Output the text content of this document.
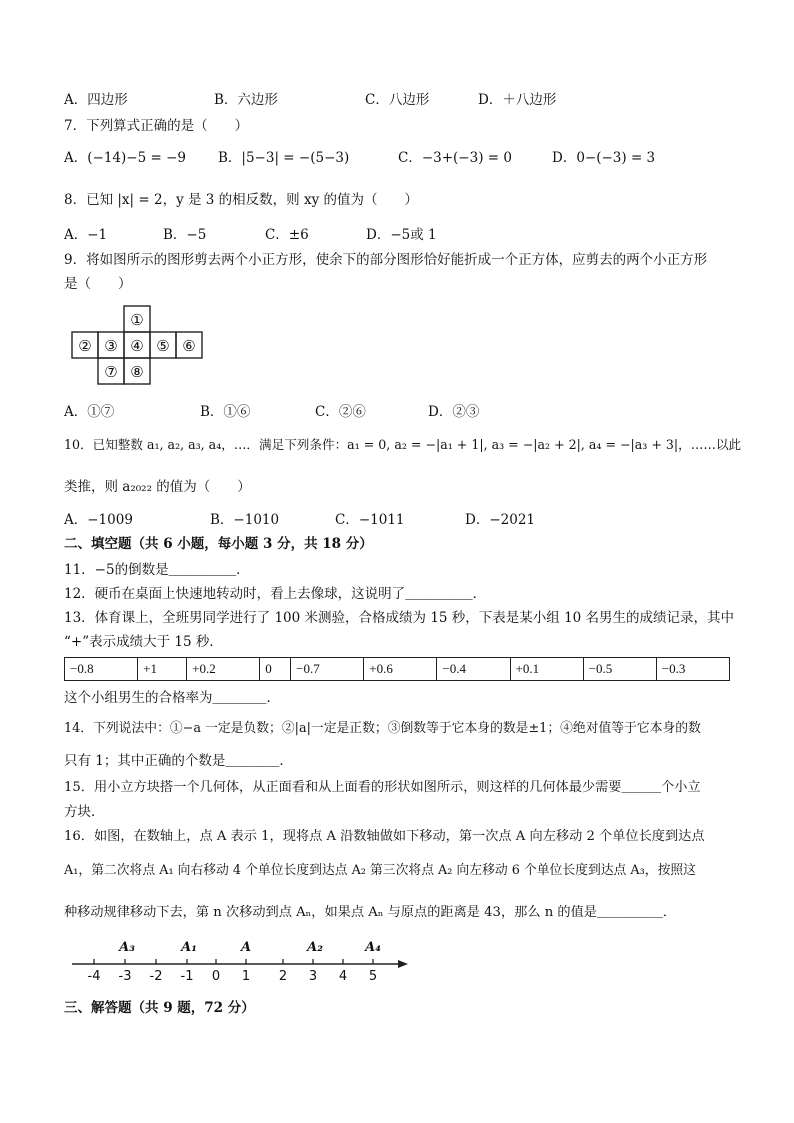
A．四边形	B．六边形	C．八边形	D．＋八边形
7．下列算式正确的是（　　）
A．(−14)−5 = −9 B．|5−3| = −(5−3)	C．−3+(−3) = 0	D．0−(−3) = 3
8．已知 |x| = 2，y 是 3 的相反数，则 xy 的值为（　　）
A．−1	B．−5	C．±6	D．−5或 1
9．将如图所示的图形剪去两个小正方形，使余下的部分图形恰好能折成一个正方体，应剪去的两个小正方形
是（　　）
①
② ③ ④ ⑤ ⑥
⑦ ⑧
A．①⑦	B．①⑥	C．②⑥	D．②③
10．已知整数 a₁, a₂, a₃, a₄，…．满足下列条件：a₁ = 0, a₂ = −|a₁ + 1|, a₃ = −|a₂ + 2|, a₄ = −|a₃ + 3|，……以此
类推，则 a₂₀₂₂ 的值为（　　）
A．−1009	B．−1010	C．−1011	D．−2021
二、填空题（共 6 小题，每小题 3 分，共 18 分）
11．−5的倒数是＿＿＿＿＿．
12．硬币在桌面上快速地转动时，看上去像球，这说明了＿＿＿＿＿．
13．体育课上，全班男同学进行了 100 米测验，合格成绩为 15 秒，下表是某小组 10 名男生的成绩记录，其中
“+”表示成绩大于 15 秒．
−0.8	+1	+0.2	0	−0.7	+0.6	−0.4	+0.1	−0.5	−0.3
这个小组男生的合格率为＿＿＿＿．
14．下列说法中：①−a 一定是负数；②|a|一定是正数；③倒数等于它本身的数是±1；④绝对值等于它本身的数
只有 1；其中正确的个数是＿＿＿＿．
15．用小立方块搭一个几何体，从正面看和从上面看的形状如图所示，则这样的几何体最少需要＿＿＿个小立
方块．
16．如图，在数轴上，点 A 表示 1，现将点 A 沿数轴做如下移动，第一次点 A 向左移动 2 个单位长度到达点
A₁，第二次将点 A₁ 向右移动 4 个单位长度到达点 A₂ 第三次将点 A₂ 向左移动 6 个单位长度到达点 A₃，按照这
种移动规律移动下去，第 n 次移动到点 Aₙ，如果点 Aₙ 与原点的距离是 43，那么 n 的值是＿＿＿＿＿．
-4 -3 -2 -1 0 1 2 3 4 5
A₃	A₁	A	A₂	A₄
三、解答题（共 9 题，72 分）
